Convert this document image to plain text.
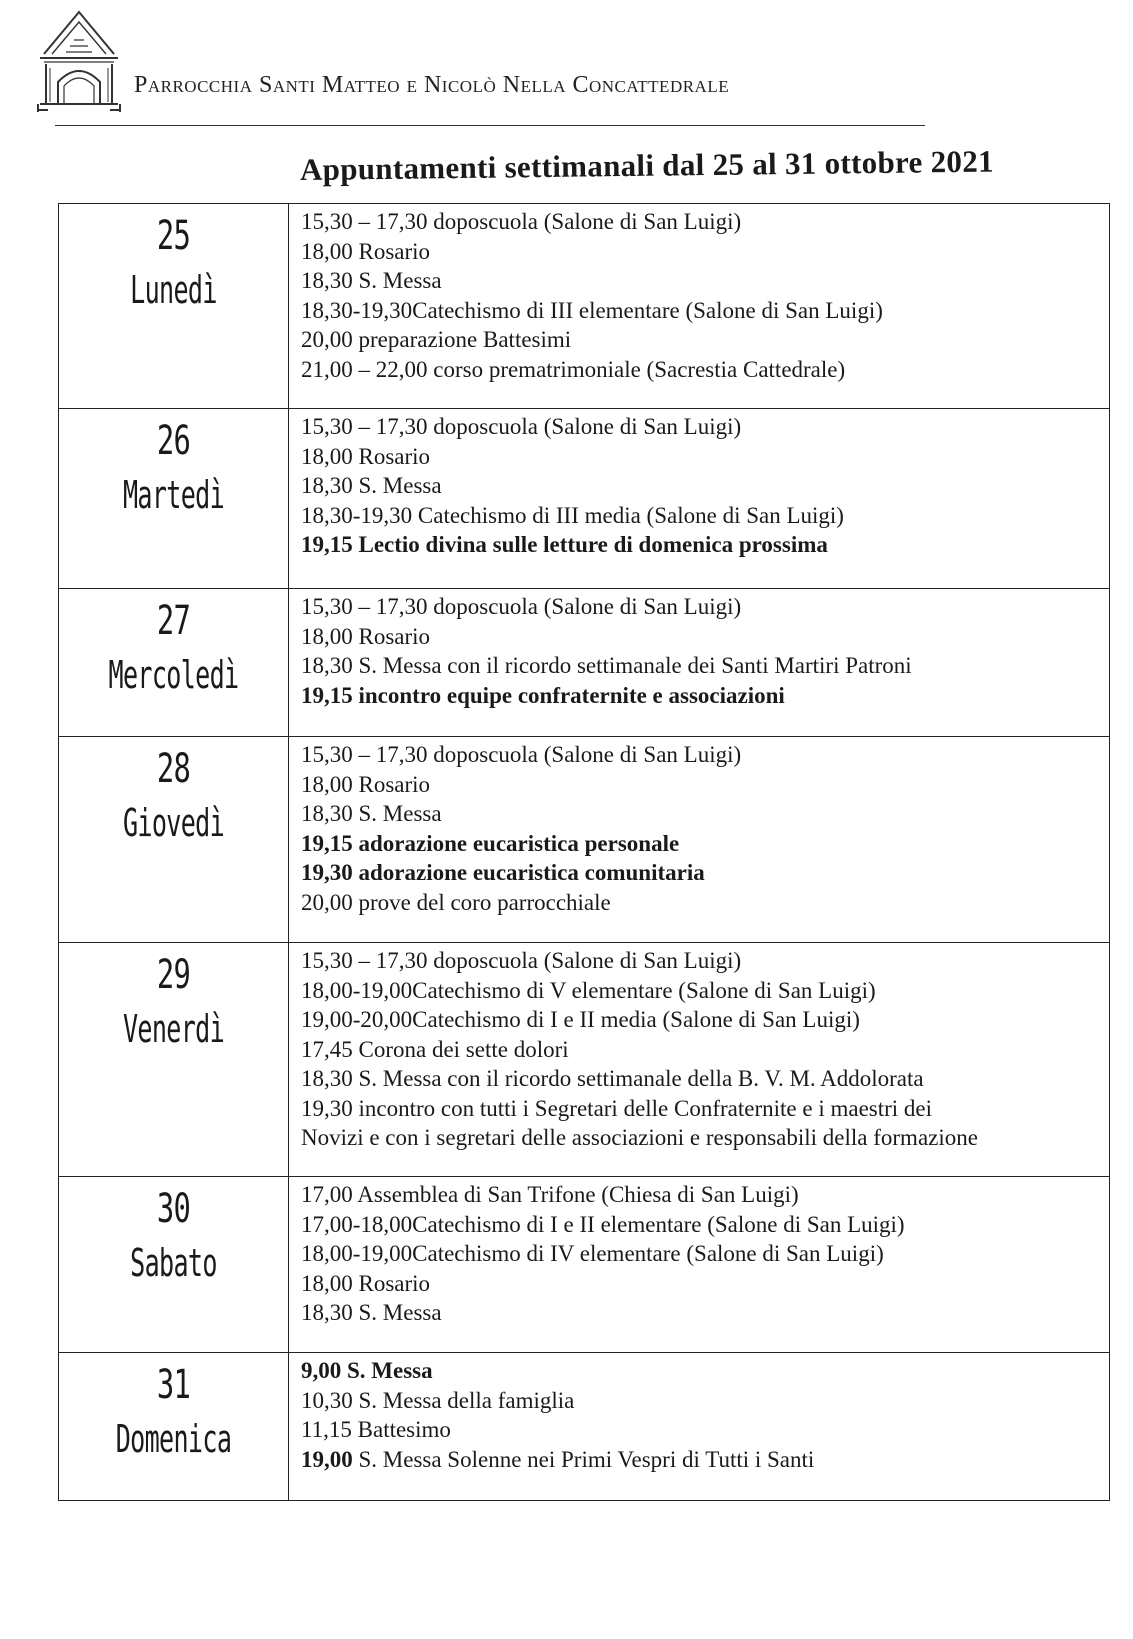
Parrocchia Santi Matteo e Nicolò Nella Concattedrale
Appuntamenti settimanali dal 25 al 31 ottobre 2021
25
Lunedì
15,30 – 17,30 doposcuola (Salone di San Luigi)
18,00 Rosario
18,30 S. Messa
18,30-19,30Catechismo di III elementare (Salone di San Luigi)
20,00 preparazione Battesimi
21,00 – 22,00 corso prematrimoniale (Sacrestia Cattedrale)
26
Martedì
15,30 – 17,30 doposcuola (Salone di San Luigi)
18,00 Rosario
18,30 S. Messa
18,30-19,30 Catechismo di III media (Salone di San Luigi)
19,15 Lectio divina sulle letture di domenica prossima
27
Mercoledì
15,30 – 17,30 doposcuola (Salone di San Luigi)
18,00 Rosario
18,30 S. Messa con il ricordo settimanale dei Santi Martiri Patroni
19,15 incontro equipe confraternite e associazioni
28
Giovedì
15,30 – 17,30 doposcuola (Salone di San Luigi)
18,00 Rosario
18,30 S. Messa
19,15 adorazione eucaristica personale
19,30 adorazione eucaristica comunitaria
20,00 prove del coro parrocchiale
29
Venerdì
15,30 – 17,30 doposcuola (Salone di San Luigi)
18,00-19,00Catechismo di V elementare (Salone di San Luigi)
19,00-20,00Catechismo di I e II media (Salone di San Luigi)
17,45 Corona dei sette dolori
18,30 S. Messa con il ricordo settimanale della B. V. M. Addolorata
19,30 incontro con tutti i Segretari delle Confraternite e i maestri dei
Novizi e con i segretari delle associazioni e responsabili della formazione
30
Sabato
17,00 Assemblea di San Trifone (Chiesa di San Luigi)
17,00-18,00Catechismo di I e II elementare (Salone di San Luigi)
18,00-19,00Catechismo di IV elementare (Salone di San Luigi)
18,00 Rosario
18,30 S. Messa
31
Domenica
9,00 S. Messa
10,30 S. Messa della famiglia
11,15 Battesimo
19,00 S. Messa Solenne nei Primi Vespri di Tutti i Santi
